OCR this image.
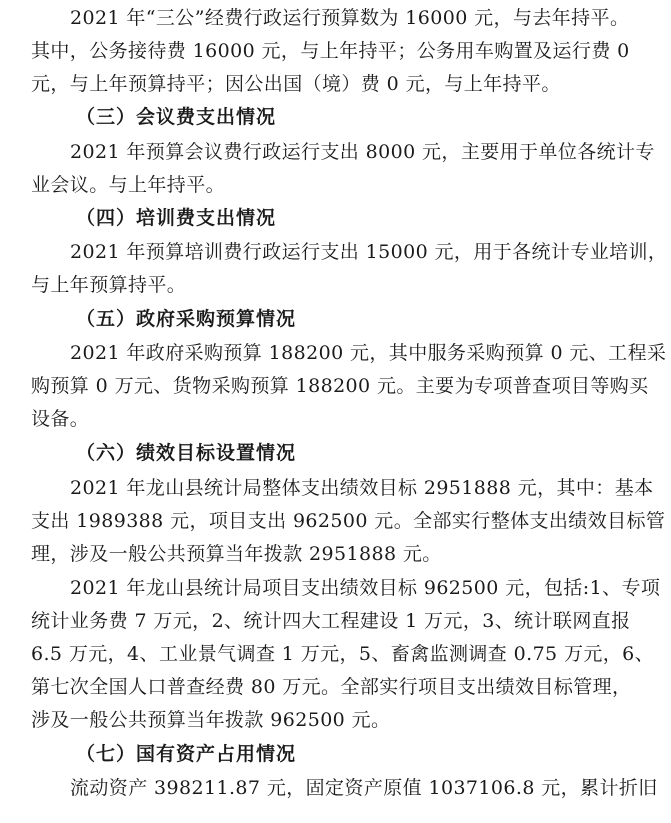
2021 年“三公”经费行政运行预算数为 16000 元，与去年持平。
其中，公务接待费 16000 元，与上年持平；公务用车购置及运行费 0
元，与上年预算持平；因公出国（境）费 0 元，与上年持平。
（三）会议费支出情况
2021 年预算会议费行政运行支出 8000 元，主要用于单位各统计专
业会议。与上年持平。
（四）培训费支出情况
2021 年预算培训费行政运行支出 15000 元，用于各统计专业培训，
与上年预算持平。
（五）政府采购预算情况
2021 年政府采购预算 188200 元，其中服务采购预算 0 元、工程采
购预算 0 万元、货物采购预算 188200 元。主要为专项普查项目等购买
设备。
（六）绩效目标设置情况
2021 年龙山县统计局整体支出绩效目标 2951888 元，其中：基本
支出 1989388 元，项目支出 962500 元。全部实行整体支出绩效目标管
理，涉及一般公共预算当年拨款 2951888 元。
2021 年龙山县统计局项目支出绩效目标 962500 元，包括:1、专项
统计业务费 7 万元，2、统计四大工程建设 1 万元，3、统计联网直报
6.5 万元，4、工业景气调查 1 万元，5、畜禽监测调查 0.75 万元，6、
第七次全国人口普查经费 80 万元。全部实行项目支出绩效目标管理，
涉及一般公共预算当年拨款 962500 元。
（七）国有资产占用情况
流动资产 398211.87 元，固定资产原值 1037106.8 元，累计折旧
